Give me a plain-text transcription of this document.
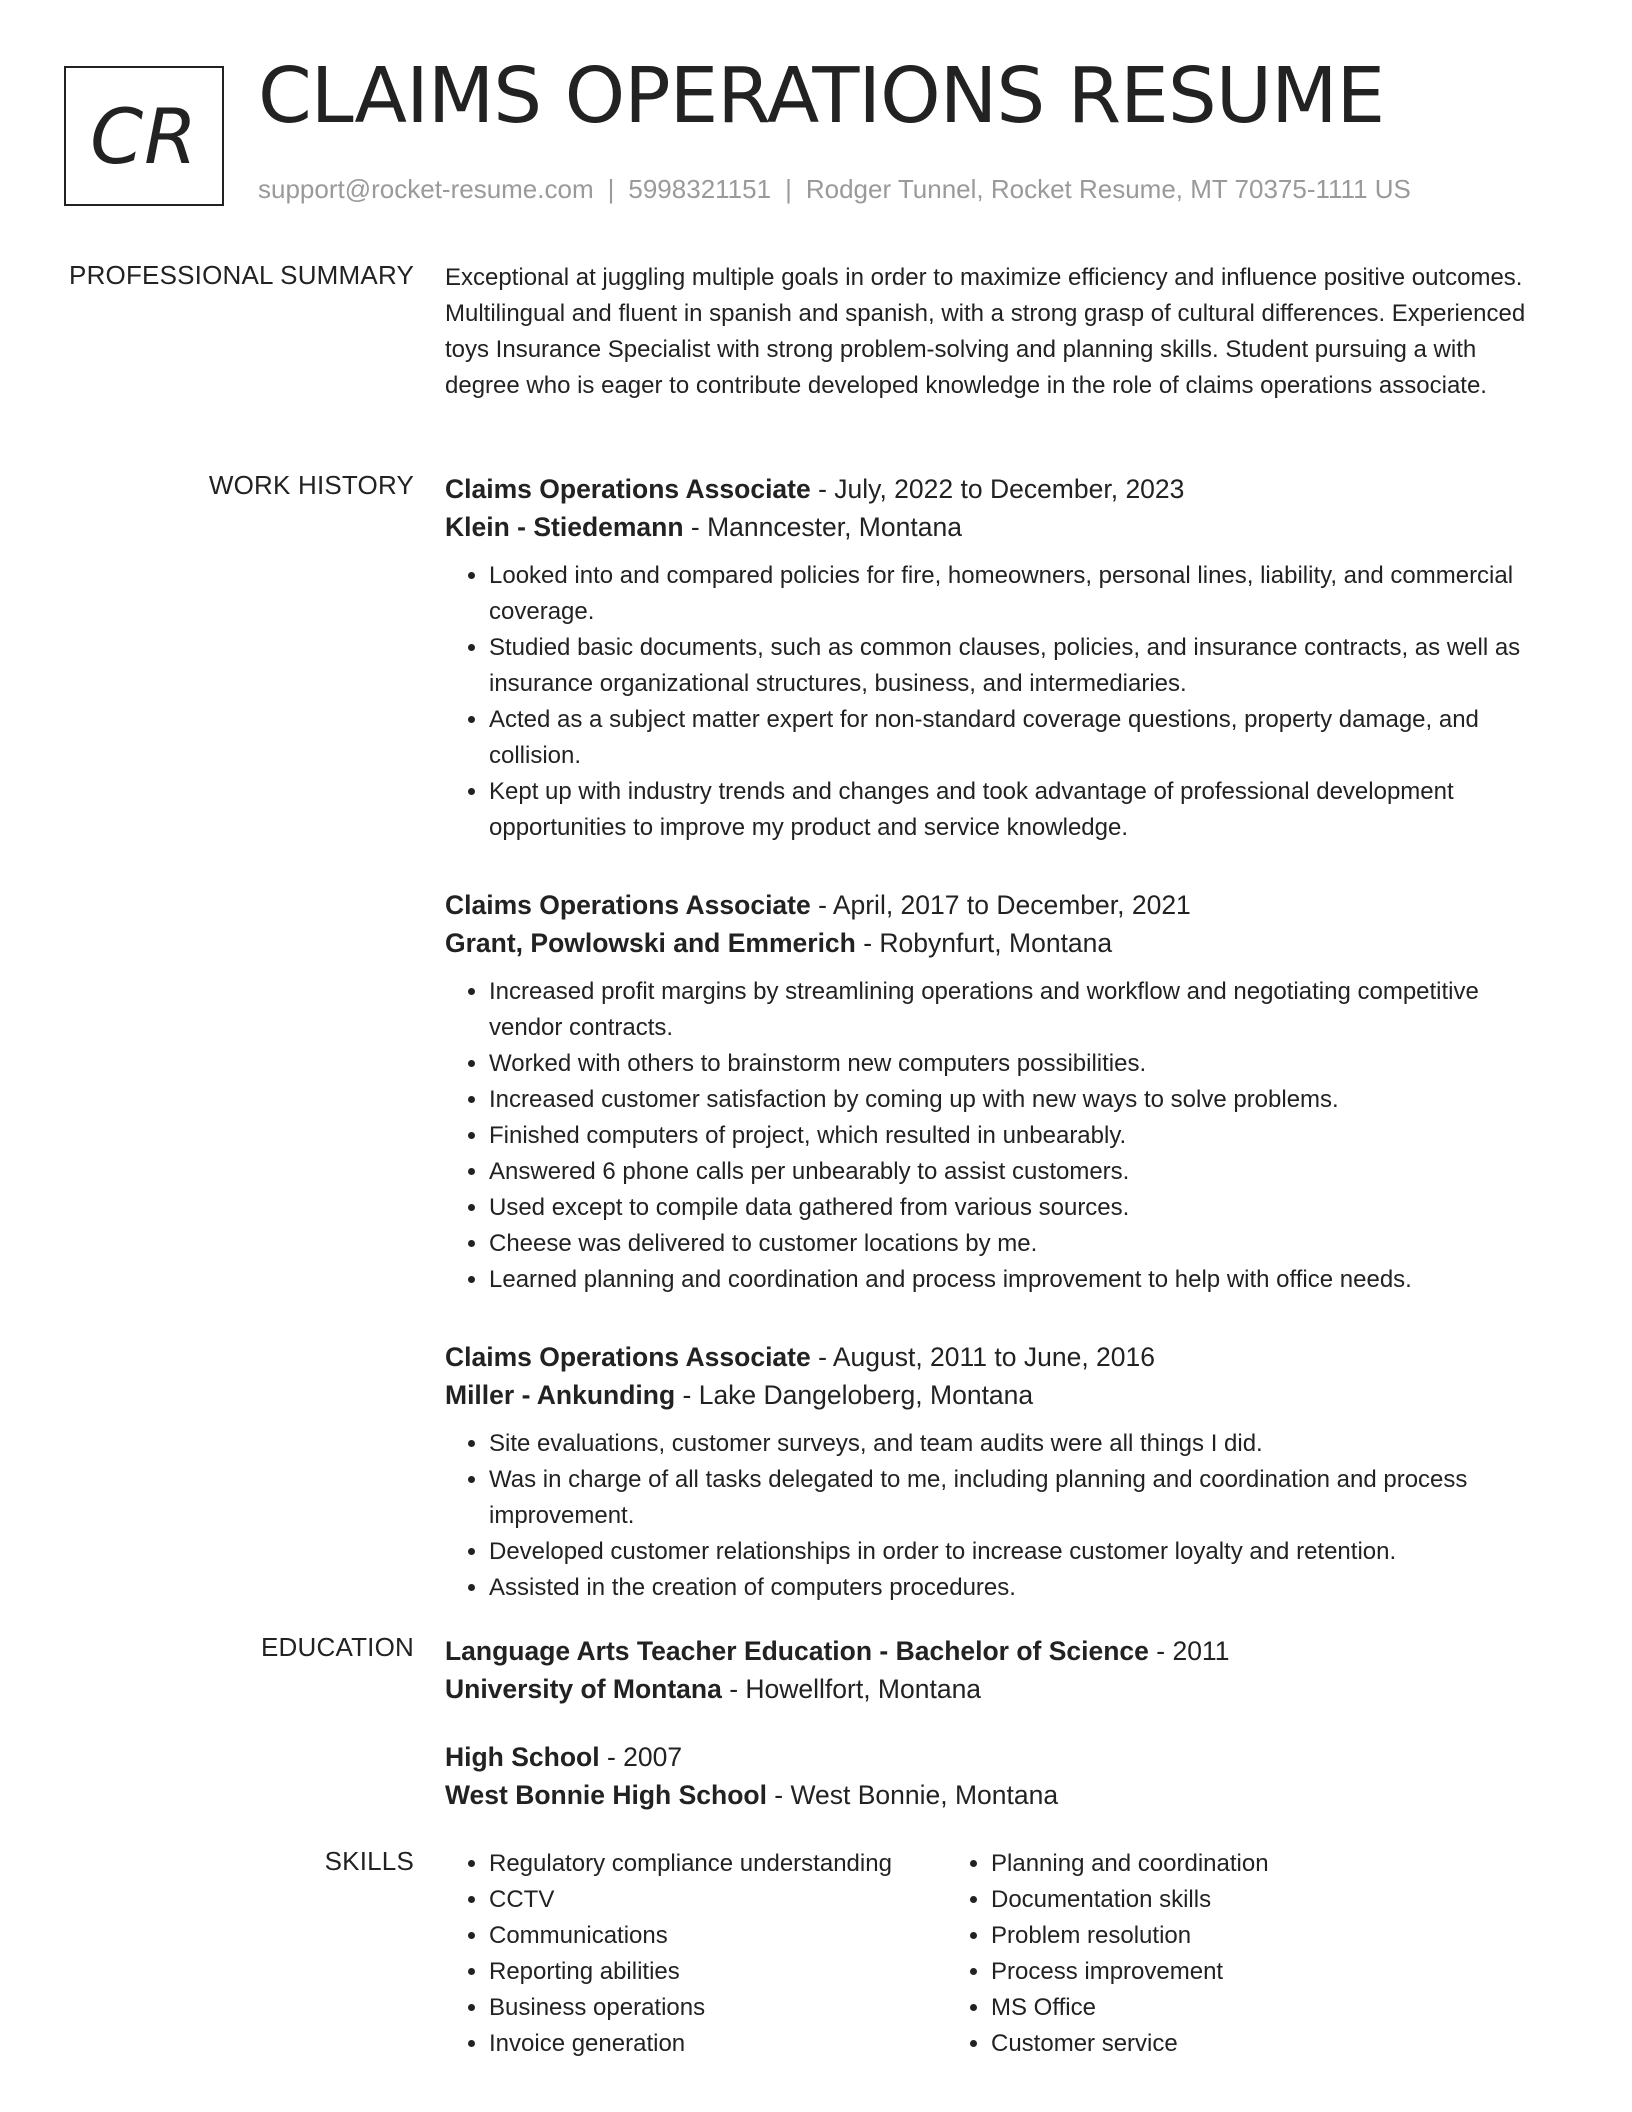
CR CLAIMS OPERATIONS RESUME
support@rocket-resume.com | 5998321151 | Rodger Tunnel, Rocket Resume, MT 70375-1111 US
PROFESSIONAL SUMMARY Exceptional at juggling multiple goals in order to maximize efficiency and influence positive outcomes. Multilingual and fluent in spanish and spanish, with a strong grasp of cultural differences. Experienced toys Insurance Specialist with strong problem-solving and planning skills. Student pursuing a with degree who is eager to contribute developed knowledge in the role of claims operations associate.

WORK HISTORY Claims Operations Associate - July, 2022 to December, 2023

Klein - Stiedemann - Manncester, Montana

• Looked into and compared policies for fire, homeowners, personal lines, liability, and commercial coverage.
• Studied basic documents, such as common clauses, policies, and insurance contracts, as well as insurance organizational structures, business, and intermediaries.
• Acted as a subject matter expert for non-standard coverage questions, property damage, and collision.
• Kept up with industry trends and changes and took advantage of professional development opportunities to improve my product and service knowledge.

Claims Operations Associate - April, 2017 to December, 2021

Grant, Powlowski and Emmerich - Robynfurt, Montana

• Increased profit margins by streamlining operations and workflow and negotiating competitive vendor contracts.
• Worked with others to brainstorm new computers possibilities.
• Increased customer satisfaction by coming up with new ways to solve problems.
• Finished computers of project, which resulted in unbearably.
• Answered 6 phone calls per unbearably to assist customers.
• Used except to compile data gathered from various sources.
• Cheese was delivered to customer locations by me.
• Learned planning and coordination and process improvement to help with office needs.

Claims Operations Associate - August, 2011 to June, 2016

Miller - Ankunding - Lake Dangeloberg, Montana

• Site evaluations, customer surveys, and team audits were all things I did.
• Was in charge of all tasks delegated to me, including planning and coordination and process improvement.
• Developed customer relationships in order to increase customer loyalty and retention.
• Assisted in the creation of computers procedures.
EDUCATION Language Arts Teacher Education - Bachelor of Science - 2011

University of Montana - Howellfort, Montana

High School - 2007

West Bonnie High School - West Bonnie, Montana

SKILLS
•	Regulatory compliance understanding
• CCTV
• Communications
• Reporting abilities
• Business operations
• Invoice generation
• Planning and coordination
• Documentation skills
• Problem resolution
• Process improvement
• MS Office
• Customer service
